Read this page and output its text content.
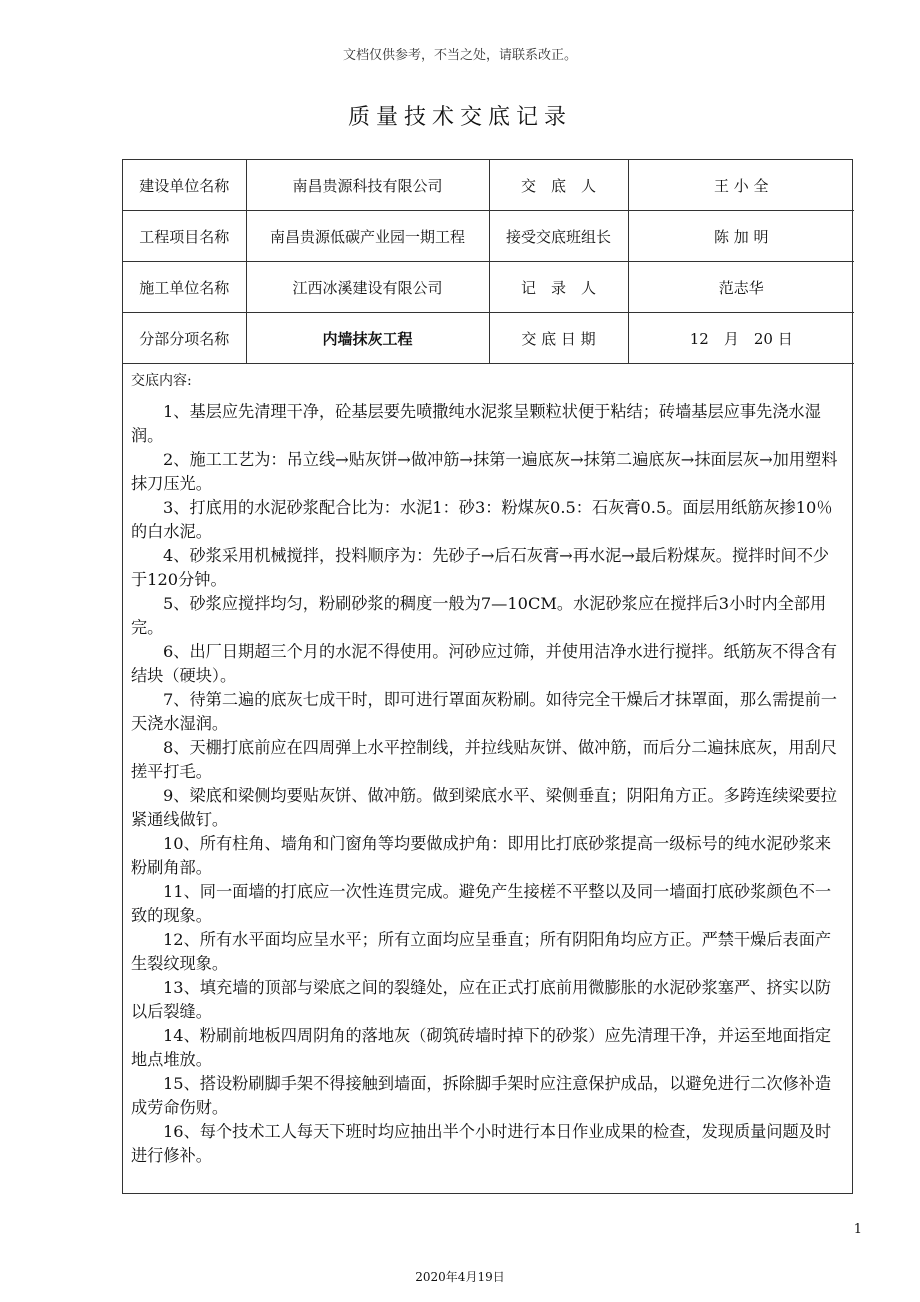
文档仅供参考，不当之处，请联系改正。
质量技术交底记录
建设单位名称	南昌贵源科技有限公司	交　底　人	王 小 全
工程项目名称	南昌贵源低碳产业园一期工程	接受交底班组长	陈 加 明
施工单位名称	江西冰溪建设有限公司	记　录　人	范志华
分部分项名称	内墙抹灰工程	交 底 日 期	12　月　20 日
交底内容:

1、基层应先清理干净，砼基层要先喷撒纯水泥浆呈颗粒状便于粘结；砖墙基层应事先浇水湿润。

2、施工工艺为：吊立线→贴灰饼→做冲筋→抹第一遍底灰→抹第二遍底灰→抹面层灰→加用塑料抹刀压光。

3、打底用的水泥砂浆配合比为：水泥1：砂3：粉煤灰0.5：石灰膏0.5。面层用纸筋灰掺10％的白水泥。

4、砂浆采用机械搅拌，投料顺序为：先砂子→后石灰膏→再水泥→最后粉煤灰。搅拌时间不少于120分钟。

5、砂浆应搅拌均匀，粉刷砂浆的稠度一般为7—10CM。水泥砂浆应在搅拌后3小时内全部用完。

6、出厂日期超三个月的水泥不得使用。河砂应过筛，并使用洁净水进行搅拌。纸筋灰不得含有结块（硬块）。

7、待第二遍的底灰七成干时，即可进行罩面灰粉刷。如待完全干燥后才抹罩面，那么需提前一天浇水湿润。

8、天棚打底前应在四周弹上水平控制线，并拉线贴灰饼、做冲筋，而后分二遍抹底灰，用刮尺搓平打毛。

9、梁底和梁侧均要贴灰饼、做冲筋。做到梁底水平、梁侧垂直；阴阳角方正。多跨连续梁要拉紧通线做钉。

10、所有柱角、墙角和门窗角等均要做成护角：即用比打底砂浆提高一级标号的纯水泥砂浆来粉刷角部。

11、同一面墙的打底应一次性连贯完成。避免产生接槎不平整以及同一墙面打底砂浆颜色不一致的现象。

12、所有水平面均应呈水平；所有立面均应呈垂直；所有阴阳角均应方正。严禁干燥后表面产生裂纹现象。

13、填充墙的顶部与梁底之间的裂缝处，应在正式打底前用微膨胀的水泥砂浆塞严、挤实以防以后裂缝。

14、粉刷前地板四周阴角的落地灰（砌筑砖墙时掉下的砂浆）应先清理干净，并运至地面指定地点堆放。

15、搭设粉刷脚手架不得接触到墙面，拆除脚手架时应注意保护成品，以避免进行二次修补造成劳命伤财。

16、每个技术工人每天下班时均应抽出半个小时进行本日作业成果的检查，发现质量问题及时进行修补。

1
2020年4月19日
